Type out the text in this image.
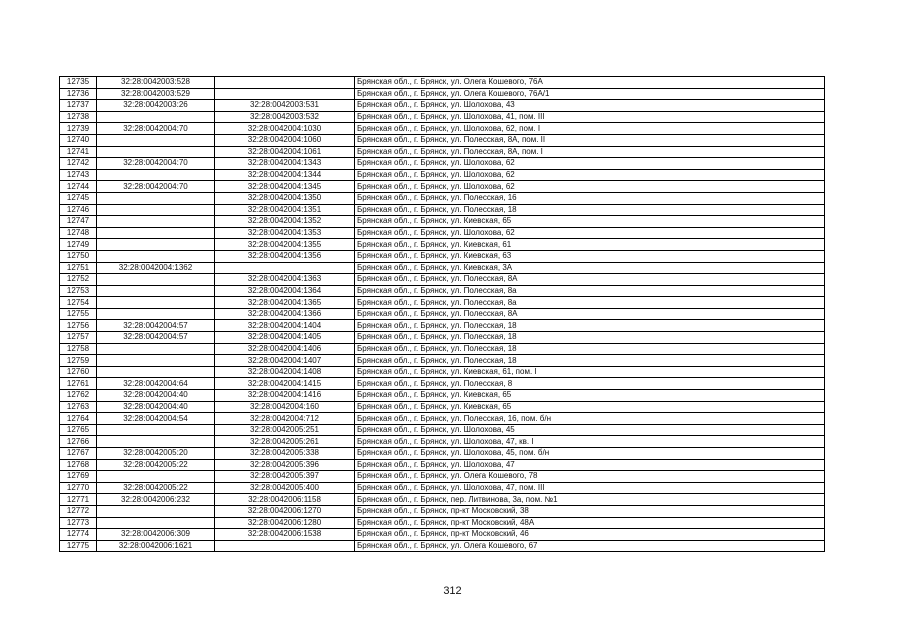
12735	32:28:0042003:528		Брянская обл., г. Брянск, ул. Олега Кошевого, 76А
12736	32:28:0042003:529		Брянская обл., г. Брянск, ул. Олега Кошевого, 76А/1
12737	32:28:0042003:26	32:28:0042003:531	Брянская обл., г. Брянск, ул. Шолохова, 43
12738		32:28:0042003:532	Брянская обл., г. Брянск, ул. Шолохова, 41, пом. III
12739	32:28:0042004:70	32:28:0042004:1030	Брянская обл., г. Брянск, ул. Шолохова, 62, пом. I
12740		32:28:0042004:1060	Брянская обл., г. Брянск, ул. Полесская, 8А, пом. II
12741		32:28:0042004:1061	Брянская обл., г. Брянск, ул. Полесская, 8А, пом. I
12742	32:28:0042004:70	32:28:0042004:1343	Брянская обл., г. Брянск, ул. Шолохова, 62
12743		32:28:0042004:1344	Брянская обл., г. Брянск, ул. Шолохова, 62
12744	32:28:0042004:70	32:28:0042004:1345	Брянская обл., г. Брянск, ул. Шолохова, 62
12745		32:28:0042004:1350	Брянская обл., г. Брянск, ул. Полесская, 16
12746		32:28:0042004:1351	Брянская обл., г. Брянск, ул. Полесская, 18
12747		32:28:0042004:1352	Брянская обл., г. Брянск, ул. Киевская, 65
12748		32:28:0042004:1353	Брянская обл., г. Брянск, ул. Шолохова, 62
12749		32:28:0042004:1355	Брянская обл., г. Брянск, ул. Киевская, 61
12750		32:28:0042004:1356	Брянская обл., г. Брянск, ул. Киевская, 63
12751	32:28:0042004:1362		Брянская обл., г. Брянск, ул. Киевская, 3А
12752		32:28:0042004:1363	Брянская обл., г. Брянск, ул. Полесская, 8А
12753		32:28:0042004:1364	Брянская обл., г. Брянск, ул. Полесская, 8а
12754		32:28:0042004:1365	Брянская обл., г. Брянск, ул. Полесская, 8а
12755		32:28:0042004:1366	Брянская обл., г. Брянск, ул. Полесская, 8А
12756	32:28:0042004:57	32:28:0042004:1404	Брянская обл., г. Брянск, ул. Полесская, 18
12757	32:28:0042004:57	32:28:0042004:1405	Брянская обл., г. Брянск, ул. Полесская, 18
12758		32:28:0042004:1406	Брянская обл., г. Брянск, ул. Полесская, 18
12759		32:28:0042004:1407	Брянская обл., г. Брянск, ул. Полесская, 18
12760		32:28:0042004:1408	Брянская обл., г. Брянск, ул. Киевская, 61, пом. I
12761	32:28:0042004:64	32:28:0042004:1415	Брянская обл., г. Брянск, ул. Полесская, 8
12762	32:28:0042004:40	32:28:0042004:1416	Брянская обл., г. Брянск, ул. Киевская, 65
12763	32:28:0042004:40	32:28:0042004:160	Брянская обл., г. Брянск, ул. Киевская, 65
12764	32:28:0042004:54	32:28:0042004:712	Брянская обл., г. Брянск, ул. Полесская, 16, пом. б/н
12765		32:28:0042005:251	Брянская обл., г. Брянск, ул. Шолохова, 45
12766		32:28:0042005:261	Брянская обл., г. Брянск, ул. Шолохова, 47, кв. I
12767	32:28:0042005:20	32:28:0042005:338	Брянская обл., г. Брянск, ул. Шолохова, 45, пом. б/н
12768	32:28:0042005:22	32:28:0042005:396	Брянская обл., г. Брянск, ул. Шолохова, 47
12769		32:28:0042005:397	Брянская обл., г. Брянск, ул. Олега Кошевого, 78
12770	32:28:0042005:22	32:28:0042005:400	Брянская обл., г. Брянск, ул. Шолохова, 47, пом. III
12771	32:28:0042006:232	32:28:0042006:1158	Брянская обл., г. Брянск, пер. Литвинова, 3а, пом. №1
12772		32:28:0042006:1270	Брянская обл., г. Брянск, пр-кт Московский, 38
12773		32:28:0042006:1280	Брянская обл., г. Брянск, пр-кт Московский, 48А
12774	32:28:0042006:309	32:28:0042006:1538	Брянская обл., г. Брянск, пр-кт Московский, 46
12775	32:28:0042006:1621		Брянская обл., г. Брянск, ул. Олега Кошевого, 67
312
